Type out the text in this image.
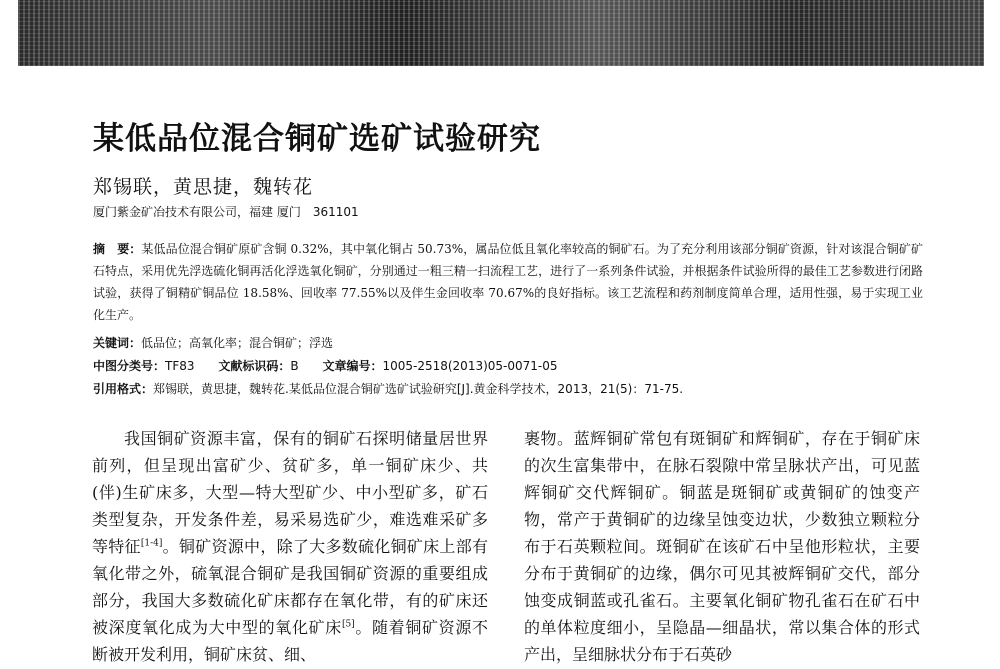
某低品位混合铜矿选矿试验研究
郑锡联，黄思捷，魏转花
厦门紫金矿冶技术有限公司，福建 厦门　361101
摘　要：某低品位混合铜矿原矿含铜 0.32%，其中氧化铜占 50.73%，属品位低且氧化率较高的铜矿石。为了充分利用该部分铜矿资源，针对该混合铜矿矿石特点，采用优先浮选硫化铜再活化浮选氧化铜矿，分别通过一粗三精一扫流程工艺，进行了一系列条件试验，并根据条件试验所得的最佳工艺参数进行闭路试验，获得了铜精矿铜品位 18.58%、回收率 77.55%以及伴生金回收率 70.67%的良好指标。该工艺流程和药剂制度简单合理，适用性强，易于实现工业化生产。
关键词：低品位；高氧化率；混合铜矿；浮选
中图分类号：TF83 文献标识码：B 文章编号：1005-2518(2013)05-0071-05
引用格式：郑锡联，黄思捷，魏转花.某低品位混合铜矿选矿试验研究[J].黄金科学技术，2013，21(5)：71-75.
我国铜矿资源丰富，保有的铜矿石探明储量居世界前列，但呈现出富矿少、贫矿多，单一铜矿床少、共(伴)生矿床多，大型—特大型矿少、中小型矿多，矿石类型复杂，开发条件差，易采易选矿少，难选难采矿多等特征[1-4]。铜矿资源中，除了大多数硫化铜矿床上部有氧化带之外，硫氧混合铜矿是我国铜矿资源的重要组成部分，我国大多数硫化矿床都存在氧化带，有的矿床还被深度氧化成为大中型的氧化矿床[5]。随着铜矿资源不断被开发利用，铜矿床贫、细、
裹物。蓝辉铜矿常包有斑铜矿和辉铜矿，存在于铜矿床的次生富集带中，在脉石裂隙中常呈脉状产出，可见蓝辉铜矿交代辉铜矿。铜蓝是斑铜矿或黄铜矿的蚀变产物，常产于黄铜矿的边缘呈蚀变边状，少数独立颗粒分布于石英颗粒间。斑铜矿在该矿石中呈他形粒状，主要分布于黄铜矿的边缘，偶尔可见其被辉铜矿交代，部分蚀变成铜蓝或孔雀石。主要氧化铜矿物孔雀石在矿石中的单体粒度细小，呈隐晶—细晶状，常以集合体的形式产出，呈细脉状分布于石英砂
